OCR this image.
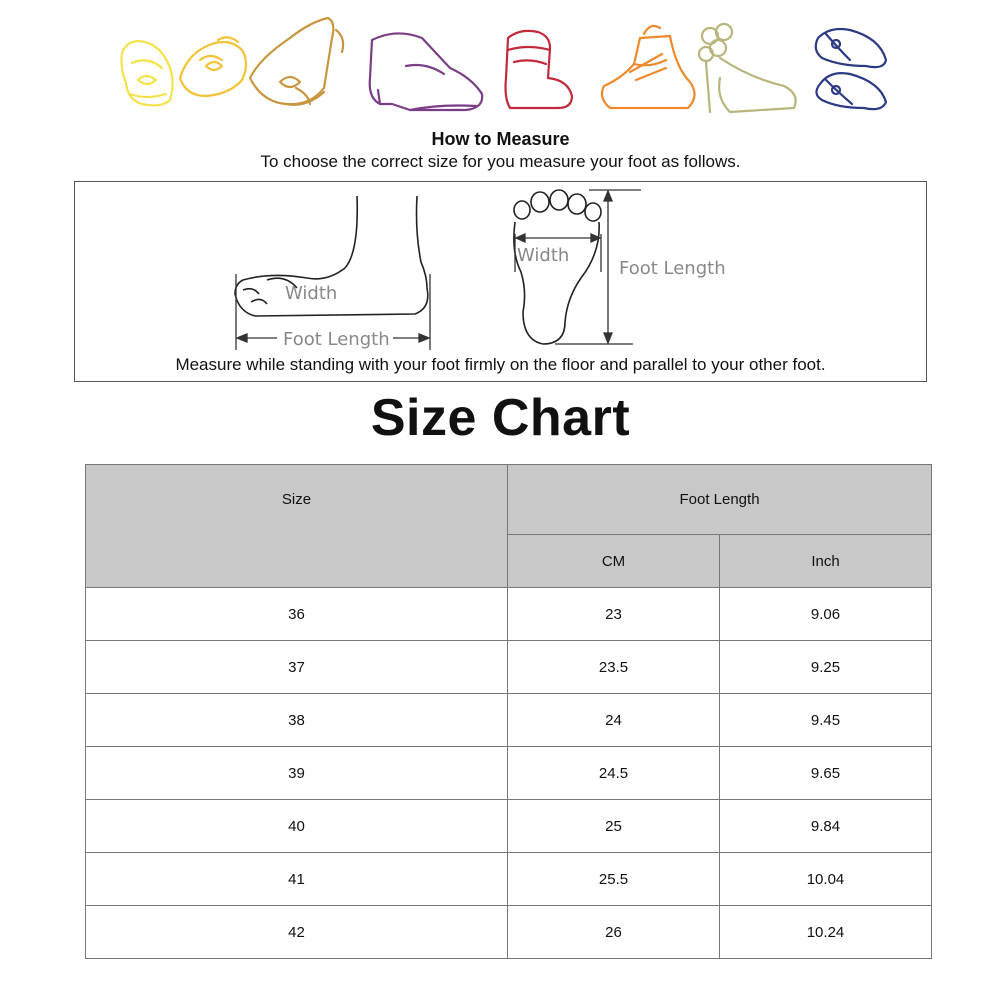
How to Measure
To choose the correct size for you measure your foot as follows.
Width
Foot Length
Width
Foot Length
Measure while standing with your foot firmly on the floor and parallel to your other foot.
Size Chart
Size	Foot Length	
	CM	Inch
36	23	9.06
37	23.5	9.25
38	24	9.45
39	24.5	9.65
40	25	9.84
41	25.5	10.04
42	26	10.24
